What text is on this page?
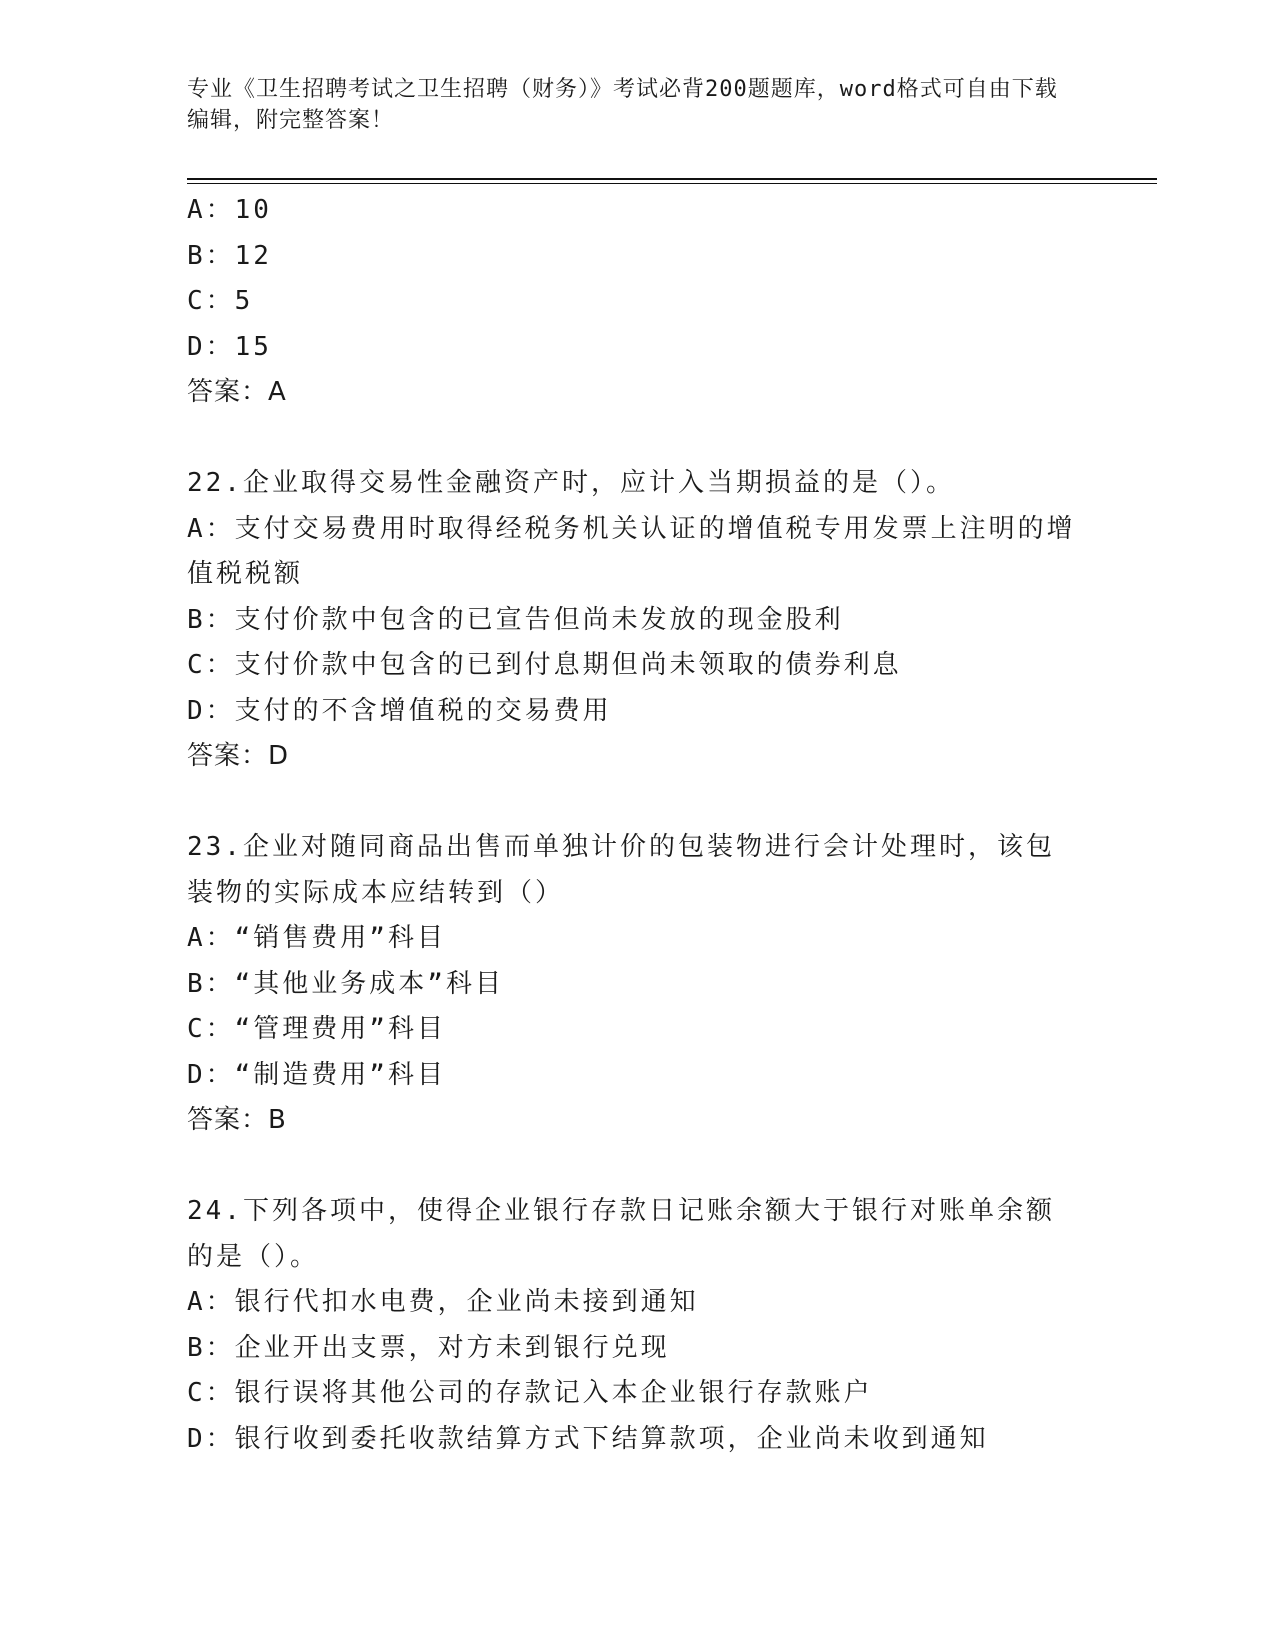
专业《卫生招聘考试之卫生招聘（财务）》考试必背200题题库，word格式可自由下载编辑，附完整答案！
A：10
B：12
C：5
D：15
答案：A
22.企业取得交易性金融资产时，应计入当期损益的是（）。
A：支付交易费用时取得经税务机关认证的增值税专用发票上注明的增值税税额
B：支付价款中包含的已宣告但尚未发放的现金股利
C：支付价款中包含的已到付息期但尚未领取的债券利息
D：支付的不含增值税的交易费用
答案：D
23.企业对随同商品出售而单独计价的包装物进行会计处理时，该包装物的实际成本应结转到（）
A：“销售费用”科目
B：“其他业务成本”科目
C：“管理费用”科目
D：“制造费用”科目
答案：B
24.下列各项中，使得企业银行存款日记账余额大于银行对账单余额的是（）。
A：银行代扣水电费，企业尚未接到通知
B：企业开出支票，对方未到银行兑现
C：银行误将其他公司的存款记入本企业银行存款账户
D：银行收到委托收款结算方式下结算款项，企业尚未收到通知
